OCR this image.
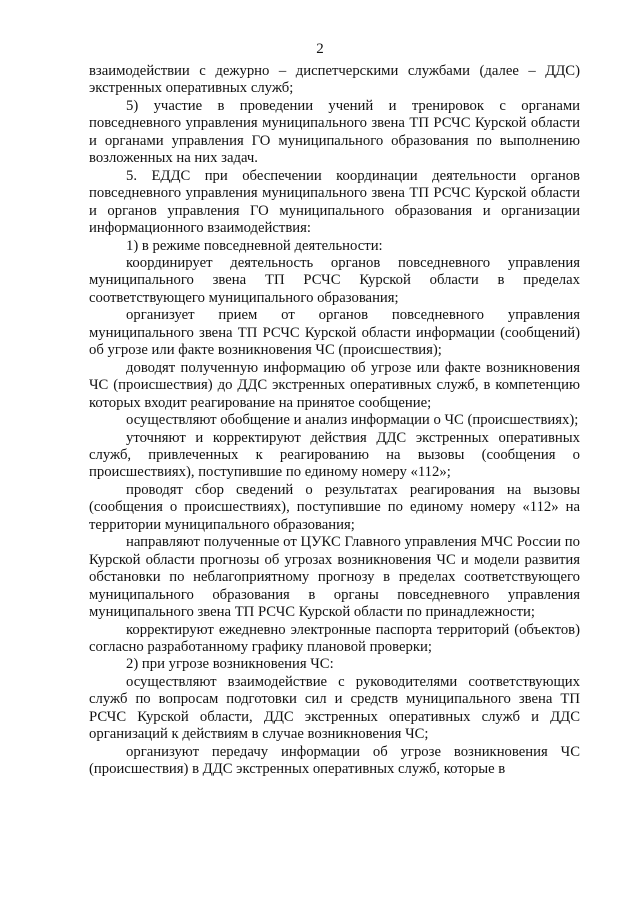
2

взаимодействии с дежурно – диспетчерскими службами (далее – ДДС) экстренных оперативных служб;

5) участие в проведении учений и тренировок с органами повседневного управления муниципального звена ТП РСЧС Курской области и органами управления ГО муниципального образования по выполнению возложенных на них задач.

5. ЕДДС при обеспечении координации деятельности органов повседневного управления муниципального звена ТП РСЧС Курской области и органов управления ГО муниципального образования и организации информационного взаимодействия:

1) в режиме повседневной деятельности:

координирует деятельность органов повседневного управления муниципального звена ТП РСЧС Курской области в пределах соответствующего муниципального образования;

организует прием от органов повседневного управления муниципального звена ТП РСЧС Курской области информации (сообщений) об угрозе или факте возникновения ЧС (происшествия);

доводят полученную информацию об угрозе или факте возникновения ЧС (происшествия) до ДДС экстренных оперативных служб, в компетенцию которых входит реагирование на принятое сообщение;

осуществляют обобщение и анализ информации о ЧС (происшествиях);

уточняют и корректируют действия ДДС экстренных оперативных служб, привлеченных к реагированию на вызовы (сообщения о происшествиях), поступившие по единому номеру «112»;

проводят сбор сведений о результатах реагирования на вызовы (сообщения о происшествиях), поступившие по единому номеру «112» на территории муниципального образования;

направляют полученные от ЦУКС Главного управления МЧС России по Курской области прогнозы об угрозах возникновения ЧС и модели развития обстановки по неблагоприятному прогнозу в пределах соответствующего муниципального образования в органы повседневного управления муниципального звена ТП РСЧС Курской области по принадлежности;

корректируют ежедневно электронные паспорта территорий (объектов) согласно разработанному графику плановой проверки;

2) при угрозе возникновения ЧС:

осуществляют взаимодействие с руководителями соответствующих служб по вопросам подготовки сил и средств муниципального звена ТП РСЧС Курской области, ДДС экстренных оперативных служб и ДДС организаций к действиям в случае возникновения ЧС;

организуют передачу информации об угрозе возникновения ЧС (происшествия) в ДДС экстренных оперативных служб, которые в
